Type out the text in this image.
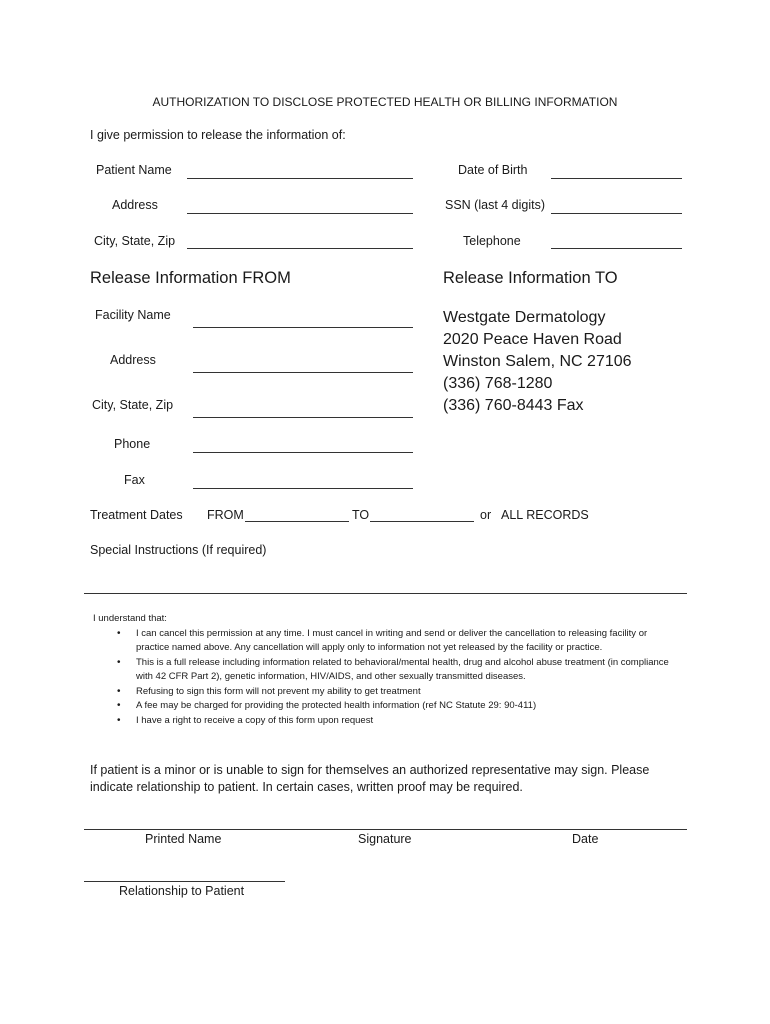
AUTHORIZATION TO DISCLOSE PROTECTED HEALTH OR BILLING INFORMATION
I give permission to release the information of:
Patient Name
Address
City, State, Zip
Date of Birth
SSN (last 4 digits)
Telephone
Release Information FROM
Facility Name
Address
City, State, Zip
Phone
Fax
Release Information TO
Westgate Dermatology
2020 Peace Haven Road
Winston Salem, NC 27106
(336) 768-1280
(336) 760-8443 Fax
Treatment Dates FROM	TO	or ALL RECORDS
Special Instructions (If required)
I understand that:
• I can cancel this permission at any time. I must cancel in writing and send or deliver the cancellation to releasing facility or practice named above. Any cancellation will apply only to information not yet released by the facility or practice.
• This is a full release including information related to behavioral/mental health, drug and alcohol abuse treatment (in compliance with 42 CFR Part 2), genetic information, HIV/AIDS, and other sexually transmitted diseases.
• Refusing to sign this form will not prevent my ability to get treatment
• A fee may be charged for providing the protected health information (ref NC Statute 29: 90-411)
• I have a right to receive a copy of this form upon request
If patient is a minor or is unable to sign for themselves an authorized representative may sign. Please indicate relationship to patient. In certain cases, written proof may be required.
Printed Name	Signature	Date
Relationship to Patient
